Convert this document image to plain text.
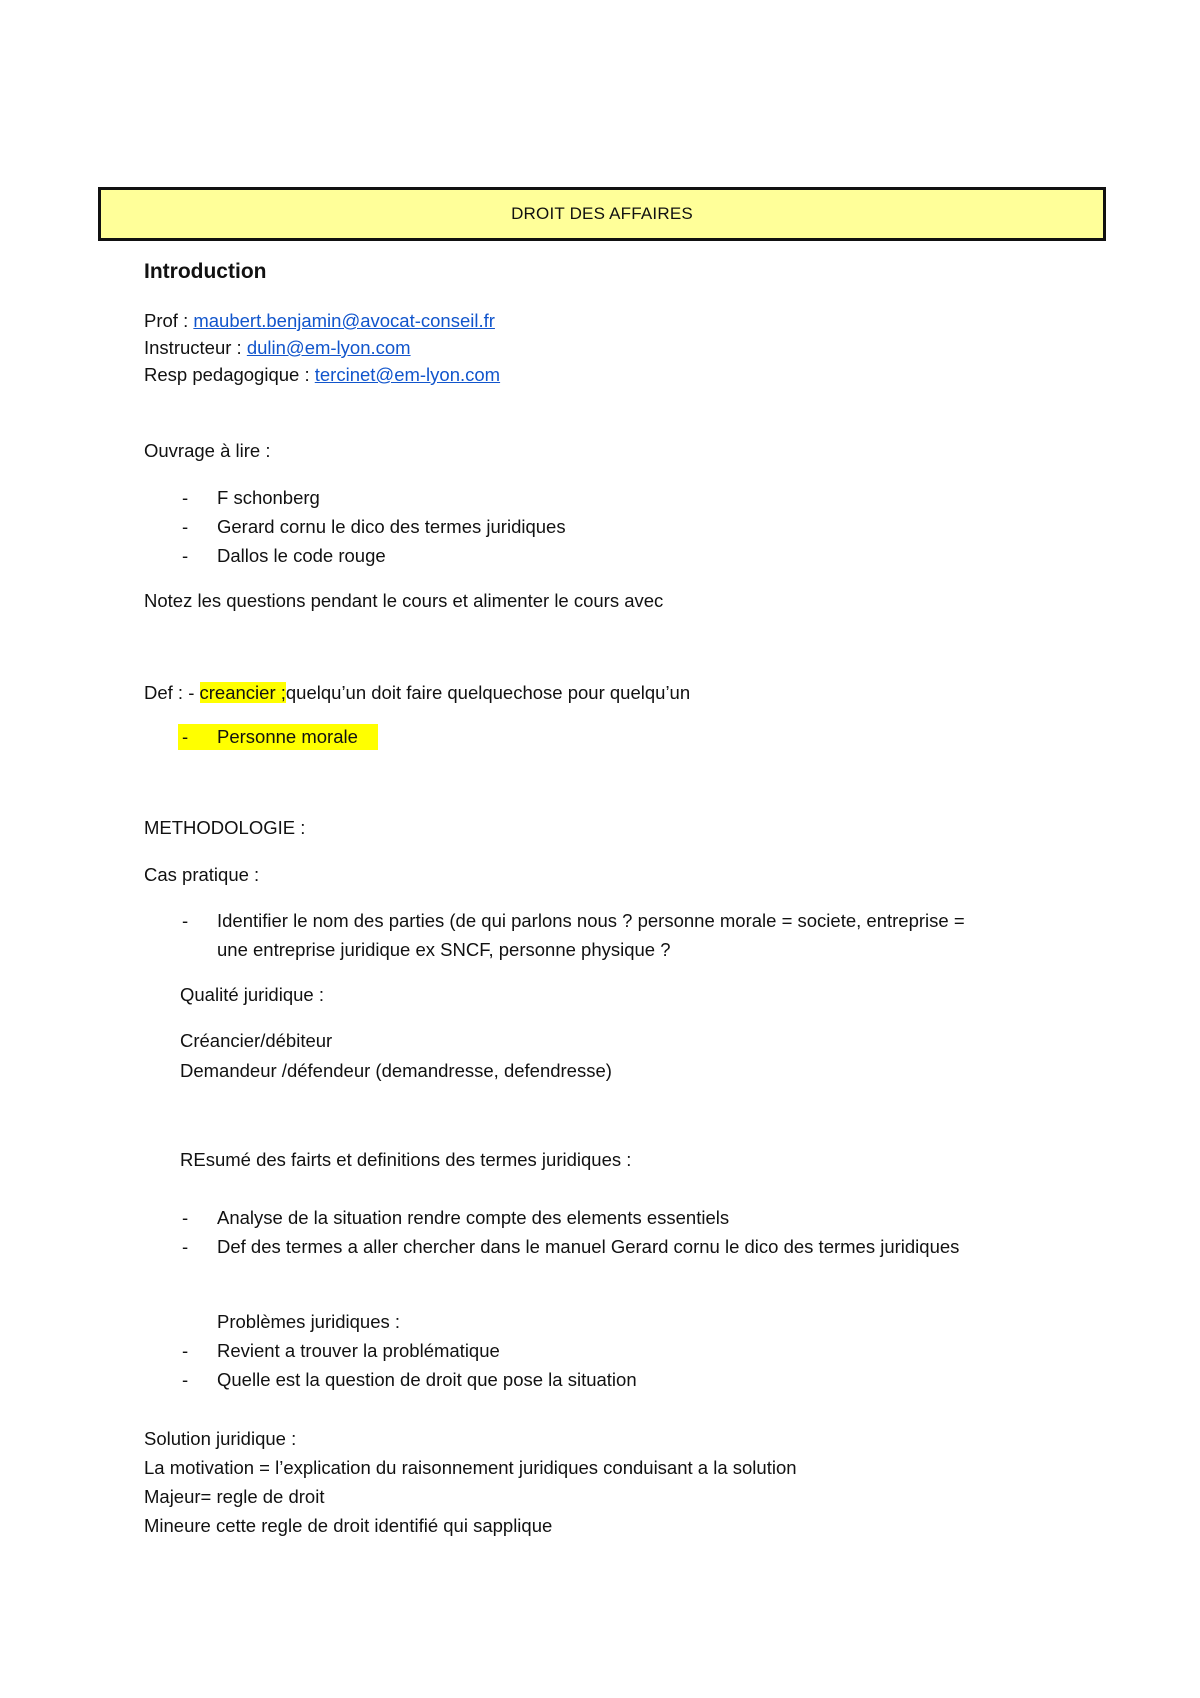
DROIT DES AFFAIRES
Introduction
Prof : maubert.benjamin@avocat-conseil.fr
Instructeur : dulin@em-lyon.com
Resp pedagogique : tercinet@em-lyon.com
Ouvrage à lire :
- F schonberg
- Gerard cornu le dico des termes juridiques
- Dallos le code rouge
Notez les questions pendant le cours et alimenter le cours avec
Def : - creancier ;quelqu’un doit faire quelquechose pour quelqu’un
- Personne morale
METHODOLOGIE :
Cas pratique :
- Identifier le nom des parties (de qui parlons nous ? personne morale = societe, entreprise =
une entreprise juridique ex SNCF, personne physique ?
Qualité juridique :
Créancier/débiteur
Demandeur /défendeur (demandresse, defendresse)
REsumé des fairts et definitions des termes juridiques :
- Analyse de la situation rendre compte des elements essentiels
- Def des termes a aller chercher dans le manuel Gerard cornu le dico des termes juridiques
Problèmes juridiques :
- Revient a trouver la problématique
- Quelle est la question de droit que pose la situation
Solution juridique :
La motivation = l’explication du raisonnement juridiques conduisant a la solution
Majeur= regle de droit
Mineure cette regle de droit identifié qui sapplique
